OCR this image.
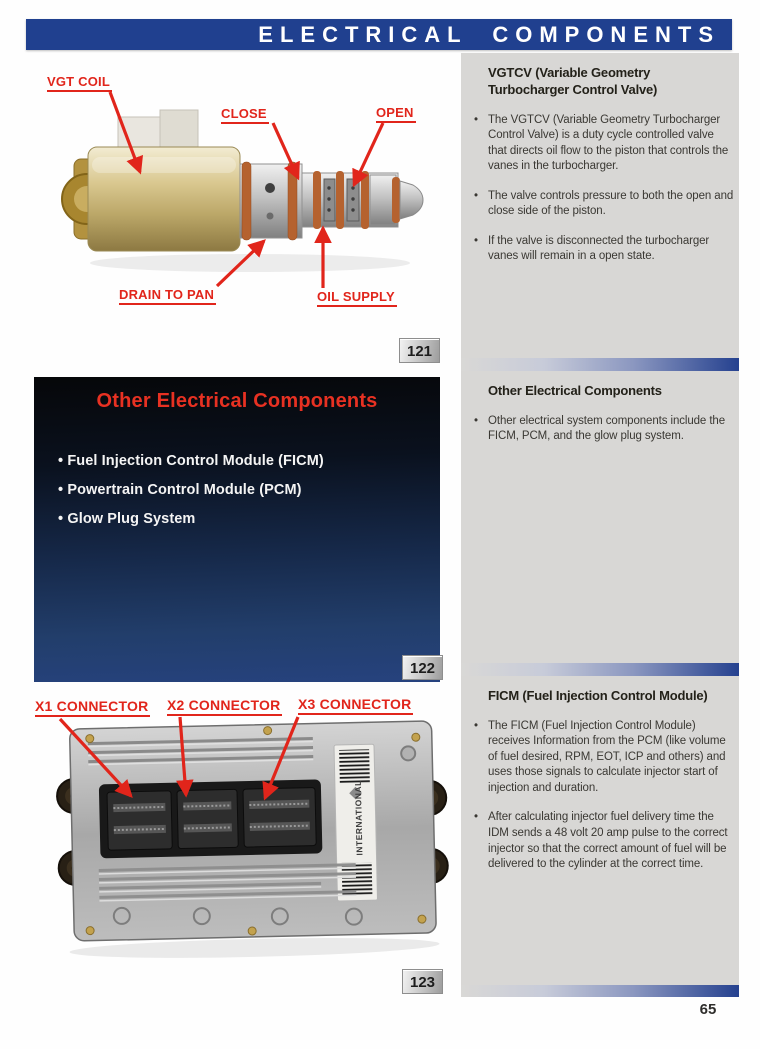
ELECTRICAL COMPONENTS
VGT COIL
CLOSE	OPEN
DRAIN TO PAN	OIL SUPPLY
121
Other Electrical Components
• Fuel Injection Control Module (FICM)
• Powertrain Control Module (PCM)
• Glow Plug System
122
INTERNATIONAL
X1 CONNECTOR X2 CONNECTOR X3 CONNECTOR
123
VGTCV (Variable Geometry Turbocharger Control Valve)
• The VGTCV (Variable Geometry Turbocharger Control Valve) is a duty cycle controlled valve that directs oil flow to the piston that controls the vanes in the turbocharger.
• The valve controls pressure to both the open and close side of the piston.
• If the valve is disconnected the turbocharger vanes will remain in a open state.
Other Electrical Components
• Other electrical system components include the FICM, PCM, and the glow plug system.
FICM (Fuel Injection Control Module)
• The FICM (Fuel Injection Control Module) receives Information from the PCM (like volume of fuel desired, RPM, EOT, ICP and others) and uses those signals to calculate injector start of injection and duration.
• After calculating injector fuel delivery time the IDM sends a 48 volt 20 amp pulse to the correct injector so that the correct amount of fuel will be delivered to the cylinder at the correct time.
65
